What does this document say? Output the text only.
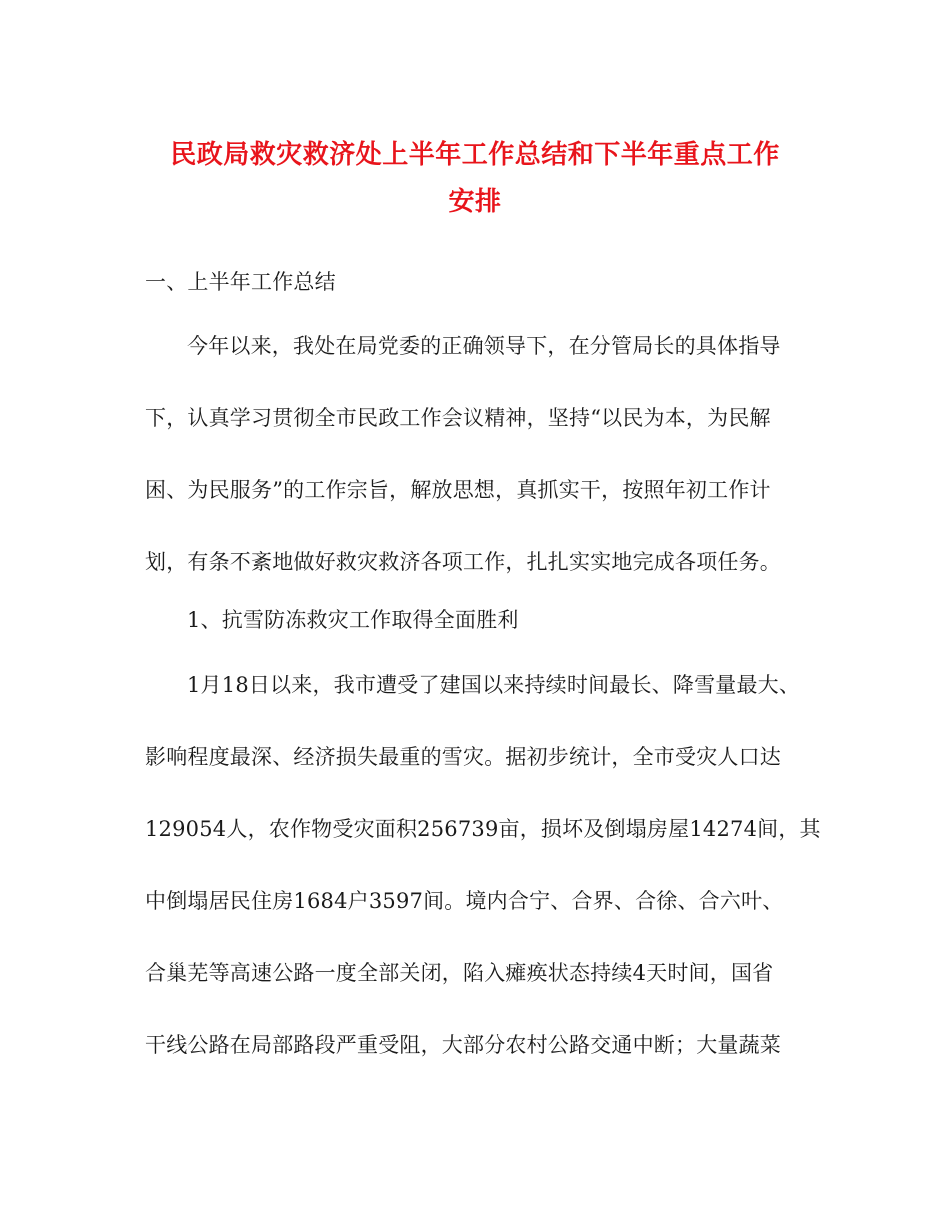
民政局救灾救济处上半年工作总结和下半年重点工作
安排
一、上半年工作总结
今年以来，我处在局党委的正确领导下，在分管局长的具体指导
下，认真学习贯彻全市民政工作会议精神，坚持“以民为本，为民解
困、为民服务”的工作宗旨，解放思想，真抓实干，按照年初工作计
划，有条不紊地做好救灾救济各项工作，扎扎实实地完成各项任务。
1、抗雪防冻救灾工作取得全面胜利
1月18日以来，我市遭受了建国以来持续时间最长、降雪量最大、
影响程度最深、经济损失最重的雪灾。据初步统计，全市受灾人口达
129054人，农作物受灾面积256739亩，损坏及倒塌房屋14274间，其
中倒塌居民住房1684户3597间。境内合宁、合界、合徐、合六叶、
合巢芜等高速公路一度全部关闭，陷入瘫痪状态持续4天时间，国省
干线公路在局部路段严重受阻，大部分农村公路交通中断；大量蔬菜
